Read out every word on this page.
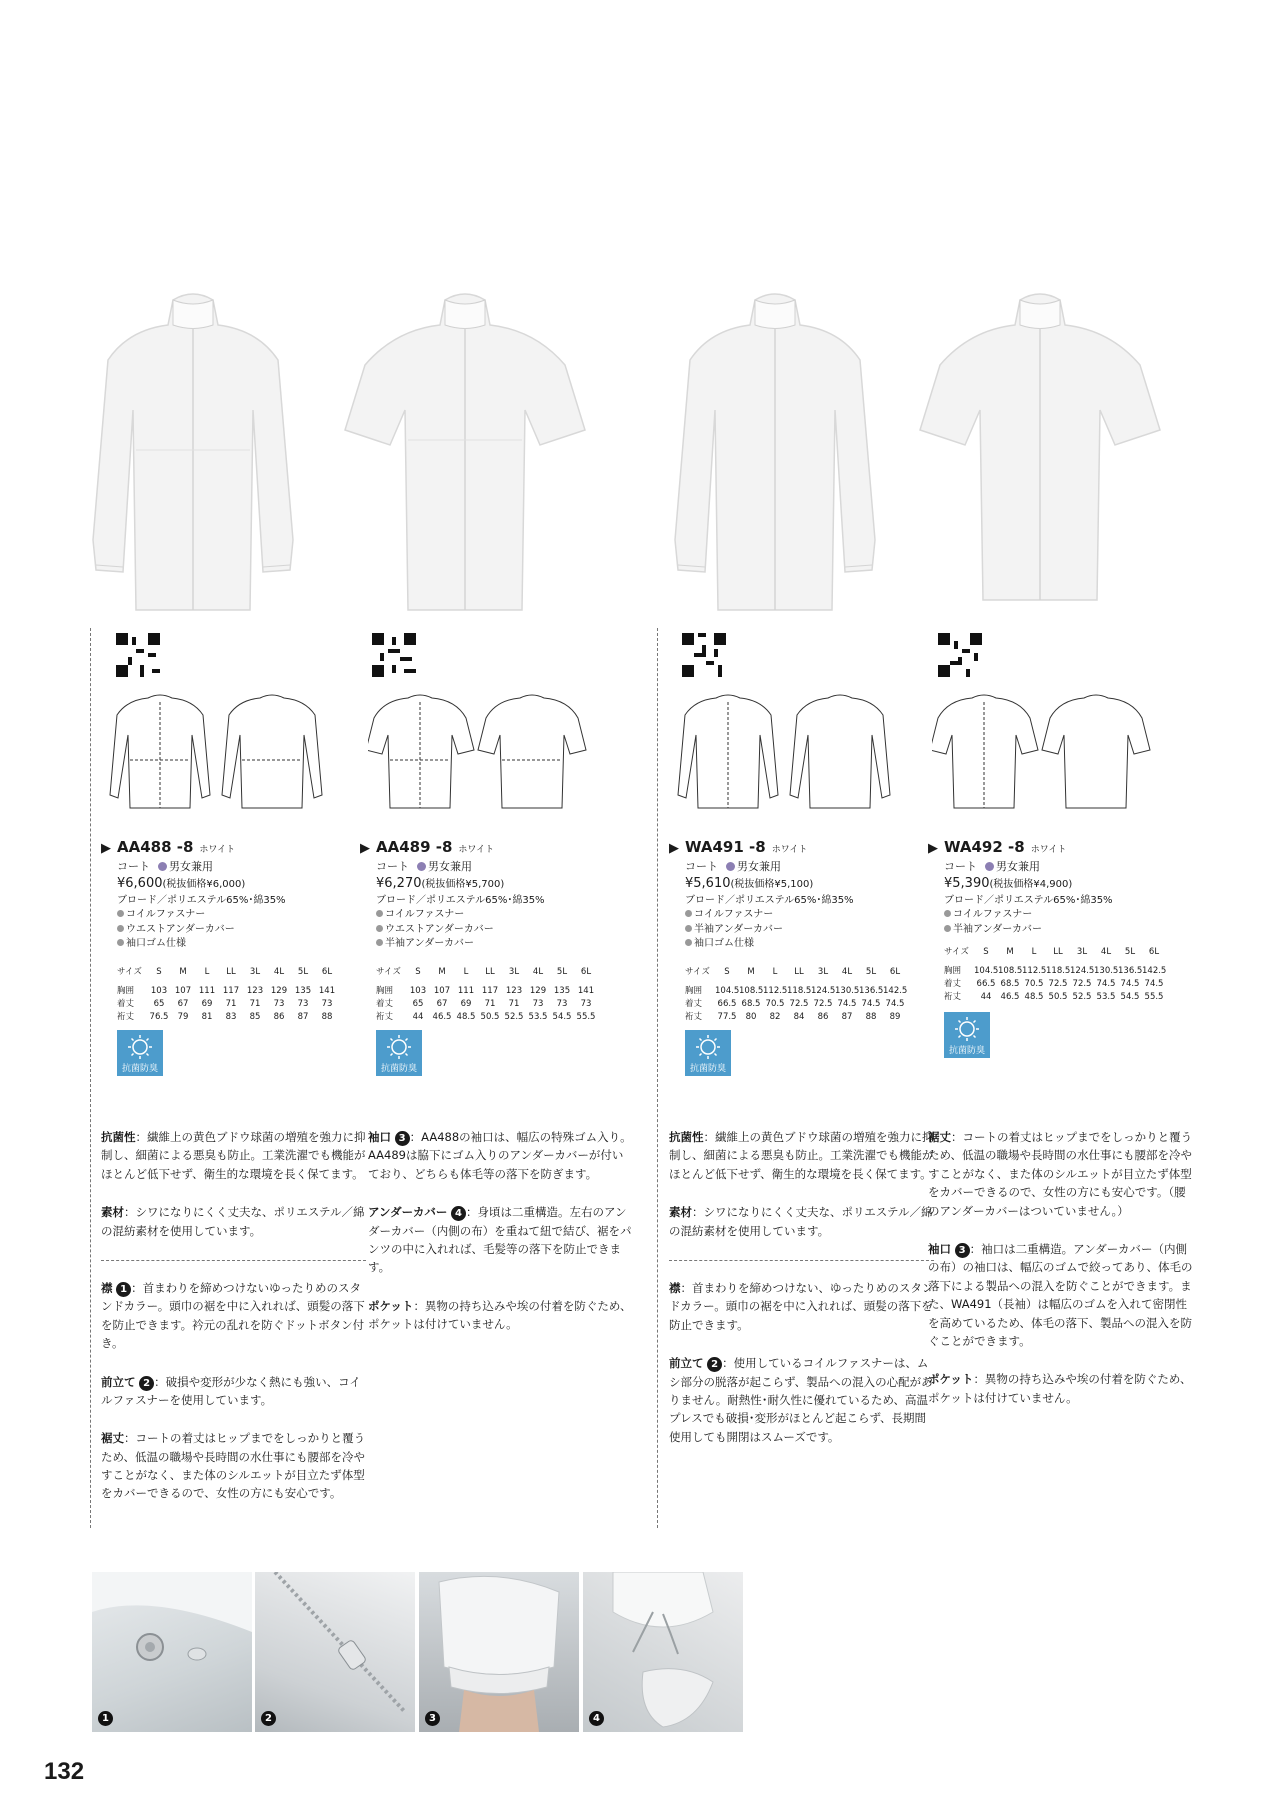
▶ AA488 -8 ホワイト
コート 男女兼用
¥6,600(税抜価格¥6,000)
ブロード／ポリエステル65%･綿35%
コイルファスナー
ウエストアンダーカバー
袖口ゴム仕様
▶ AA489 -8 ホワイト
コート 男女兼用
¥6,270(税抜価格¥5,700)
ブロード／ポリエステル65%･綿35%
コイルファスナー
ウエストアンダーカバー
半袖アンダーカバー
▶ WA491 -8 ホワイト
コート 男女兼用
¥5,610(税抜価格¥5,100)
ブロード／ポリエステル65%･綿35%
コイルファスナー
半袖アンダーカバー
袖口ゴム仕様
▶ WA492 -8 ホワイト
コート 男女兼用
¥5,390(税抜価格¥4,900)
ブロード／ポリエステル65%･綿35%
コイルファスナー
半袖アンダーカバー
サイズ	S	M	L	LL	3L	4L	5L	6L
胸囲	103 107 111 117 123 129 135 141
着丈	65	67	69	71	71	73	73	73
裄丈	76.5	79	81	83	85	86	87	88
サイズ	S	M	L	LL	3L	4L	5L	6L
胸囲	103 107 111 117 123 129 135 141
着丈	65	67	69	71	71	73	73	73
裄丈	44	46.5 48.5 50.5 52.5 53.5 54.5 55.5
サイズ	S	M	L	LL	3L	4L	5L	6L
胸囲	104.5 108.5 112.5 118.5 124.5 130.5 136.5 142.5
着丈	66.5 68.5 70.5 72.5 72.5 74.5 74.5 74.5
裄丈	77.5	80	82	84	86	87	88	89
サイズ	S	M	L	LL	3L	4L	5L	6L
胸囲	104.5 108.5 112.5 118.5 124.5 130.5 136.5 142.5
着丈	66.5 68.5 70.5 72.5 72.5 74.5 74.5 74.5
裄丈	44	46.5 48.5 50.5 52.5 53.5 54.5 55.5
抗菌防臭	抗菌防臭	抗菌防臭
抗菌防臭

抗菌性：繊維上の黄色ブドウ球菌の増殖を強力に抑制し、細菌による悪臭も防止。工業洗濯でも機能がほとんど低下せず、衛生的な環境を長く保てます。

素材：シワになりにくく丈夫な、ポリエステル／綿の混紡素材を使用しています。

襟 1 ：首まわりを締めつけないゆったりめのスタンドカラー。頭巾の裾を中に入れれば、頭髪の落下を防止できます。衿元の乱れを防ぐドットボタン付き。

前立て 2 ：破損や変形が少なく熱にも強い、コイルファスナーを使用しています。

裾丈：コートの着丈はヒップまでをしっかりと覆うため、低温の職場や長時間の水仕事にも腰部を冷やすことがなく、また体のシルエットが目立たず体型をカバーできるので、女性の方にも安心です。

袖口 3 ：AA488の袖口は、幅広の特殊ゴム入り。AA489は脇下にゴム入りのアンダーカバーが付いており、どちらも体毛等の落下を防ぎます。

アンダーカバー 4 ：身頃は二重構造。左右のアンダーカバー（内側の布）を重ねて紐で結び、裾をパンツの中に入れれば、毛髪等の落下を防止できます。

ポケット：異物の持ち込みや埃の付着を防ぐため、ポケットは付けていません。

抗菌性：繊維上の黄色ブドウ球菌の増殖を強力に抑制し、細菌による悪臭も防止。工業洗濯でも機能がほとんど低下せず、衛生的な環境を長く保てます。

素材：シワになりにくく丈夫な、ポリエステル／綿の混紡素材を使用しています。

襟：首まわりを締めつけない、ゆったりめのスタンドカラー。頭巾の裾を中に入れれば、頭髪の落下を防止できます。

前立て 2 ：使用しているコイルファスナーは、ムシ部分の脱落が起こらず、製品への混入の心配がありません。耐熱性･耐久性に優れているため、高温プレスでも破損･変形がほとんど起こらず、長期間使用しても開閉はスムーズです。

裾丈：コートの着丈はヒップまでをしっかりと覆うため、低温の職場や長時間の水仕事にも腰部を冷やすことがなく、また体のシルエットが目立たず体型をカバーできるので、女性の方にも安心です。（腰のアンダーカバーはついていません。）

袖口 3 ：袖口は二重構造。アンダーカバー（内側の布）の袖口は、幅広のゴムで絞ってあり、体毛の落下による製品への混入を防ぐことができます。また、WA491（長袖）は幅広のゴムを入れて密閉性を高めているため、体毛の落下、製品への混入を防ぐことができます。

ポケット：異物の持ち込みや埃の付着を防ぐため、ポケットは付けていません。

1	2	3	4
132
